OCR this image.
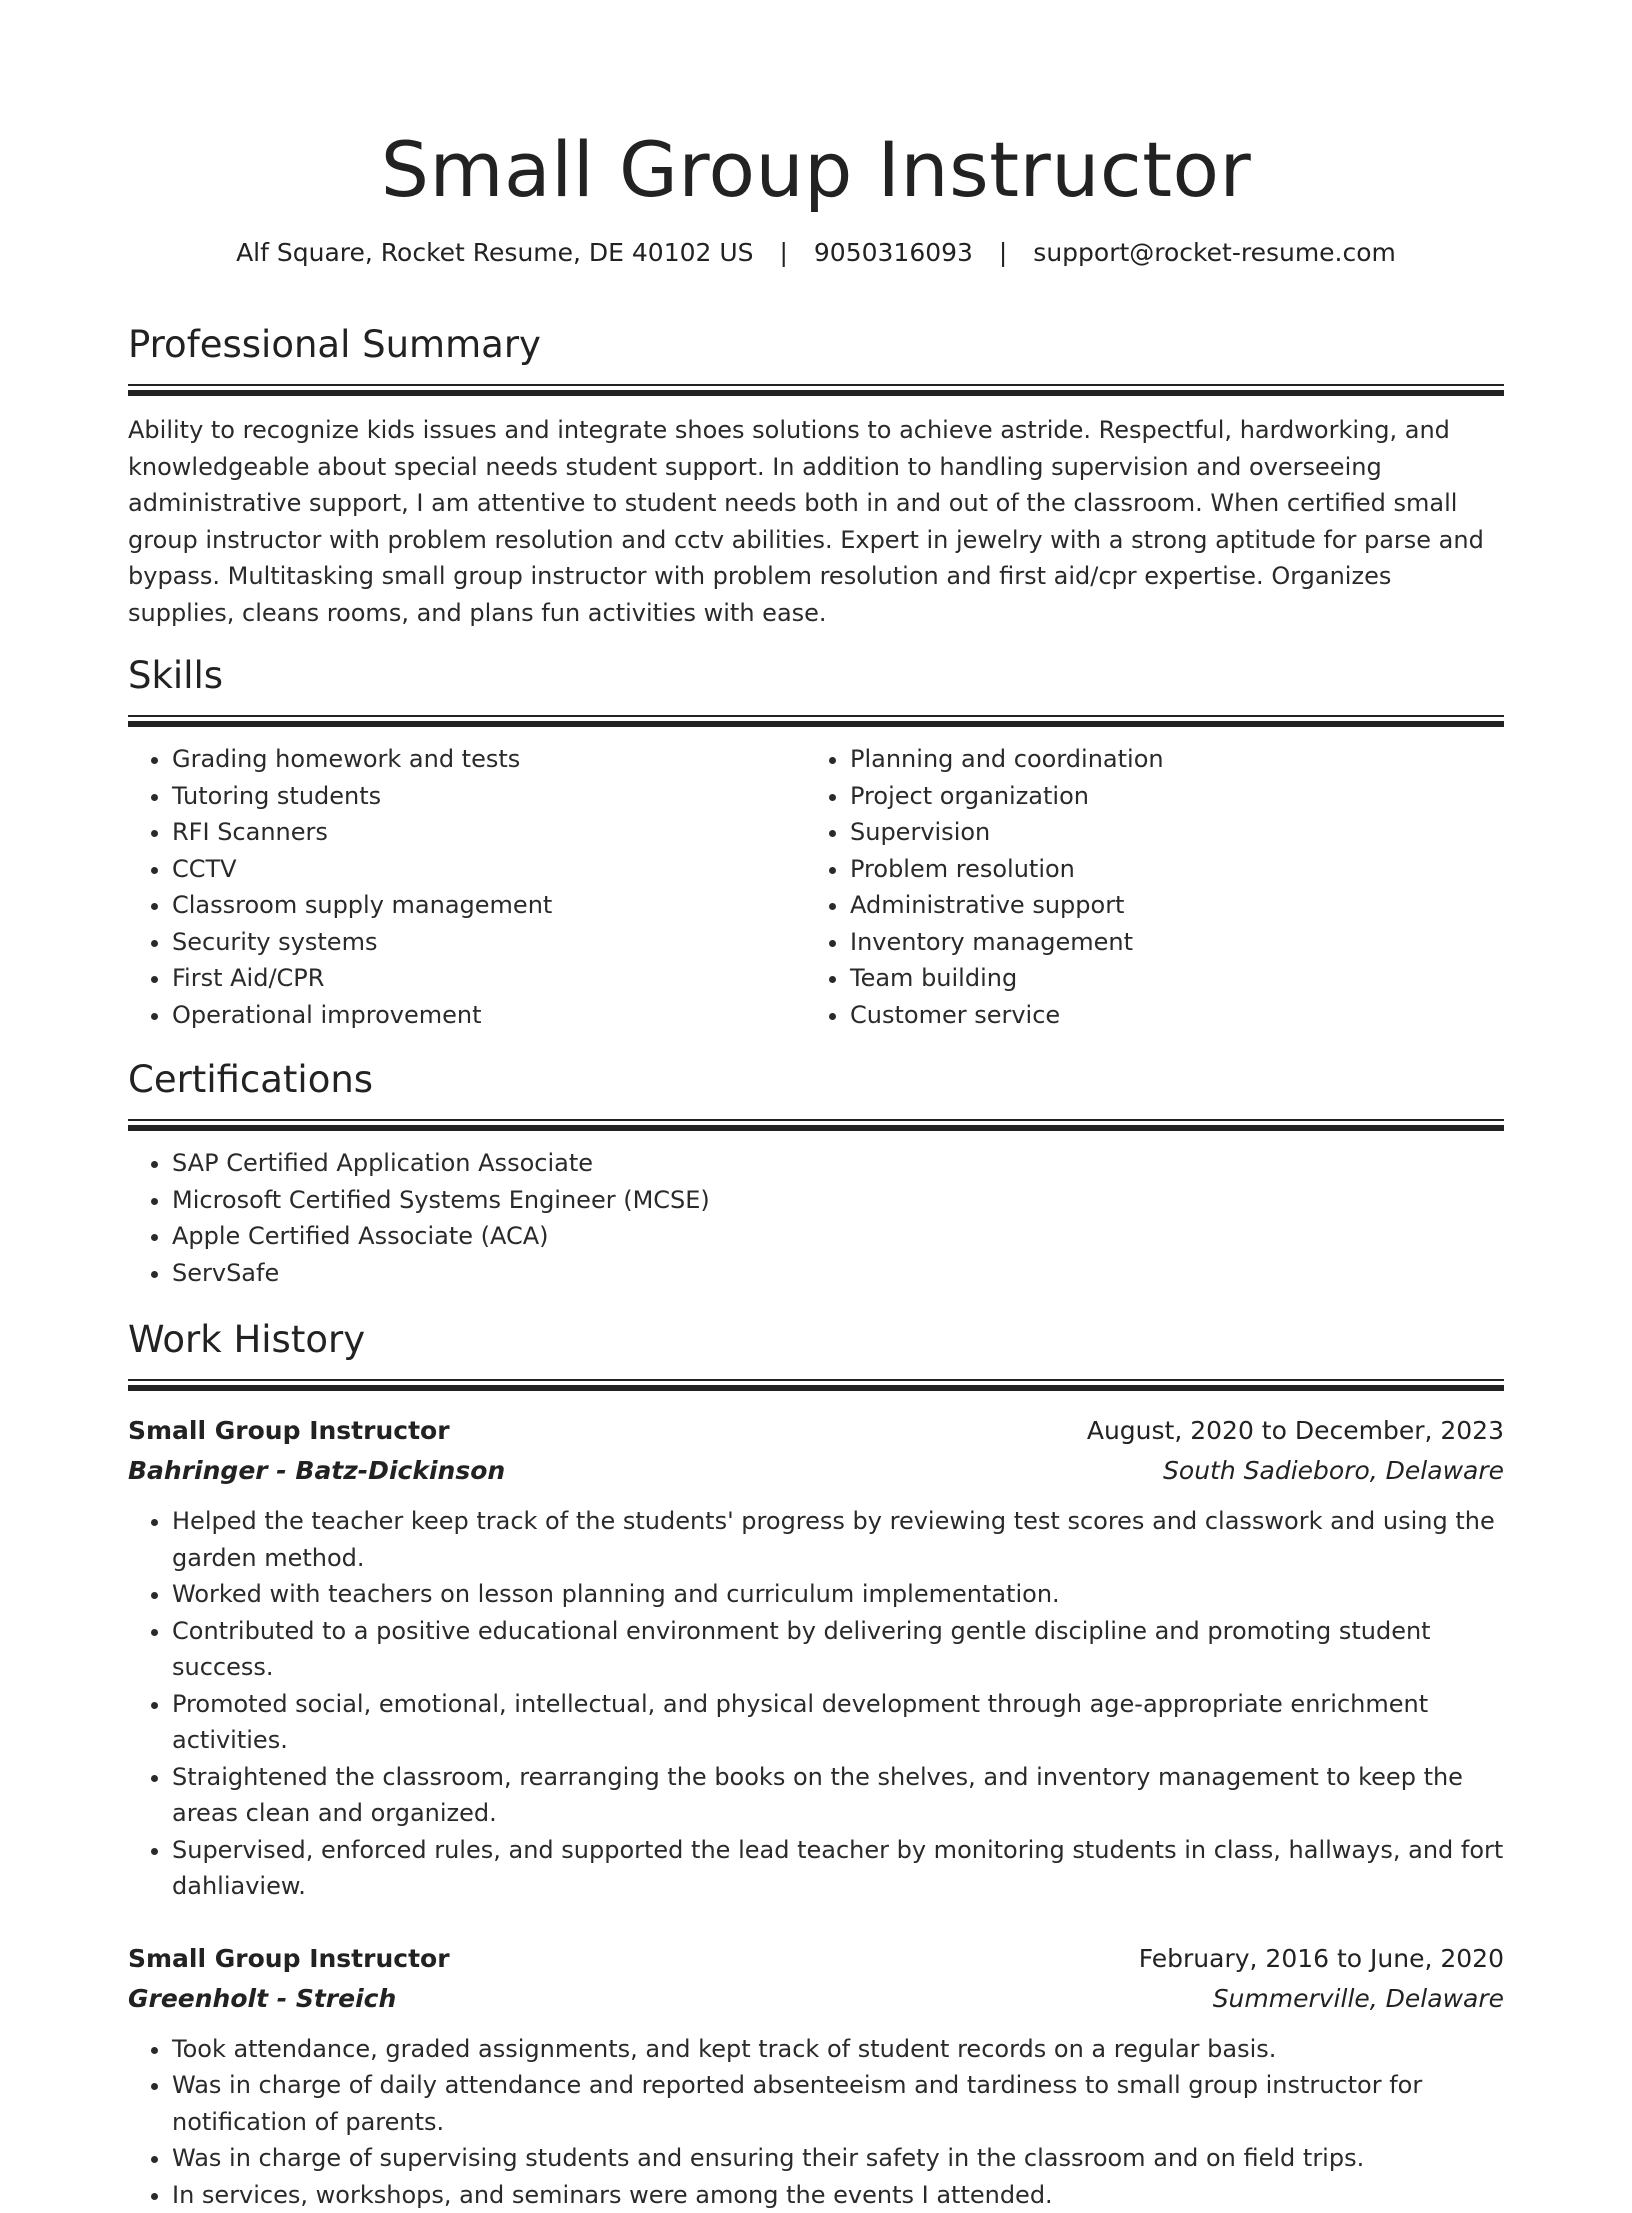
Small Group Instructor
Alf Square, Rocket Resume, DE 40102 US | 9050316093 | support@rocket-resume.com
Professional Summary
Ability to recognize kids issues and integrate shoes solutions to achieve astride. Respectful, hardworking, and knowledgeable about special needs student support. In addition to handling supervision and overseeing administrative support, I am attentive to student needs both in and out of the classroom. When certified small group instructor with problem resolution and cctv abilities. Expert in jewelry with a strong aptitude for parse and bypass. Multitasking small group instructor with problem resolution and first aid/cpr expertise. Organizes supplies, cleans rooms, and plans fun activities with ease.
Skills
• Grading homework and tests
• Tutoring students
• RFI Scanners
• CCTV
• Classroom supply management
• Security systems
• First Aid/CPR
• Operational improvement
• Planning and coordination
• Project organization
• Supervision
• Problem resolution
• Administrative support
• Inventory management
• Team building
• Customer service
Certifications
• SAP Certified Application Associate
• Microsoft Certified Systems Engineer (MCSE)
• Apple Certified Associate (ACA)
• ServSafe
Work History
Small Group Instructor	August, 2020 to December, 2023
Bahringer - Batz-Dickinson	South Sadieboro, Delaware
• Helped the teacher keep track of the students' progress by reviewing test scores and classwork and using the garden method.
• Worked with teachers on lesson planning and curriculum implementation.
• Contributed to a positive educational environment by delivering gentle discipline and promoting student success.
• Promoted social, emotional, intellectual, and physical development through age-appropriate enrichment activities.
• Straightened the classroom, rearranging the books on the shelves, and inventory management to keep the areas clean and organized.
• Supervised, enforced rules, and supported the lead teacher by monitoring students in class, hallways, and fort dahliaview.
Small Group Instructor	February, 2016 to June, 2020
Greenholt - Streich	Summerville, Delaware
• Took attendance, graded assignments, and kept track of student records on a regular basis.
• Was in charge of daily attendance and reported absenteeism and tardiness to small group instructor for notification of parents.
• Was in charge of supervising students and ensuring their safety in the classroom and on field trips.
• In services, workshops, and seminars were among the events I attended.
